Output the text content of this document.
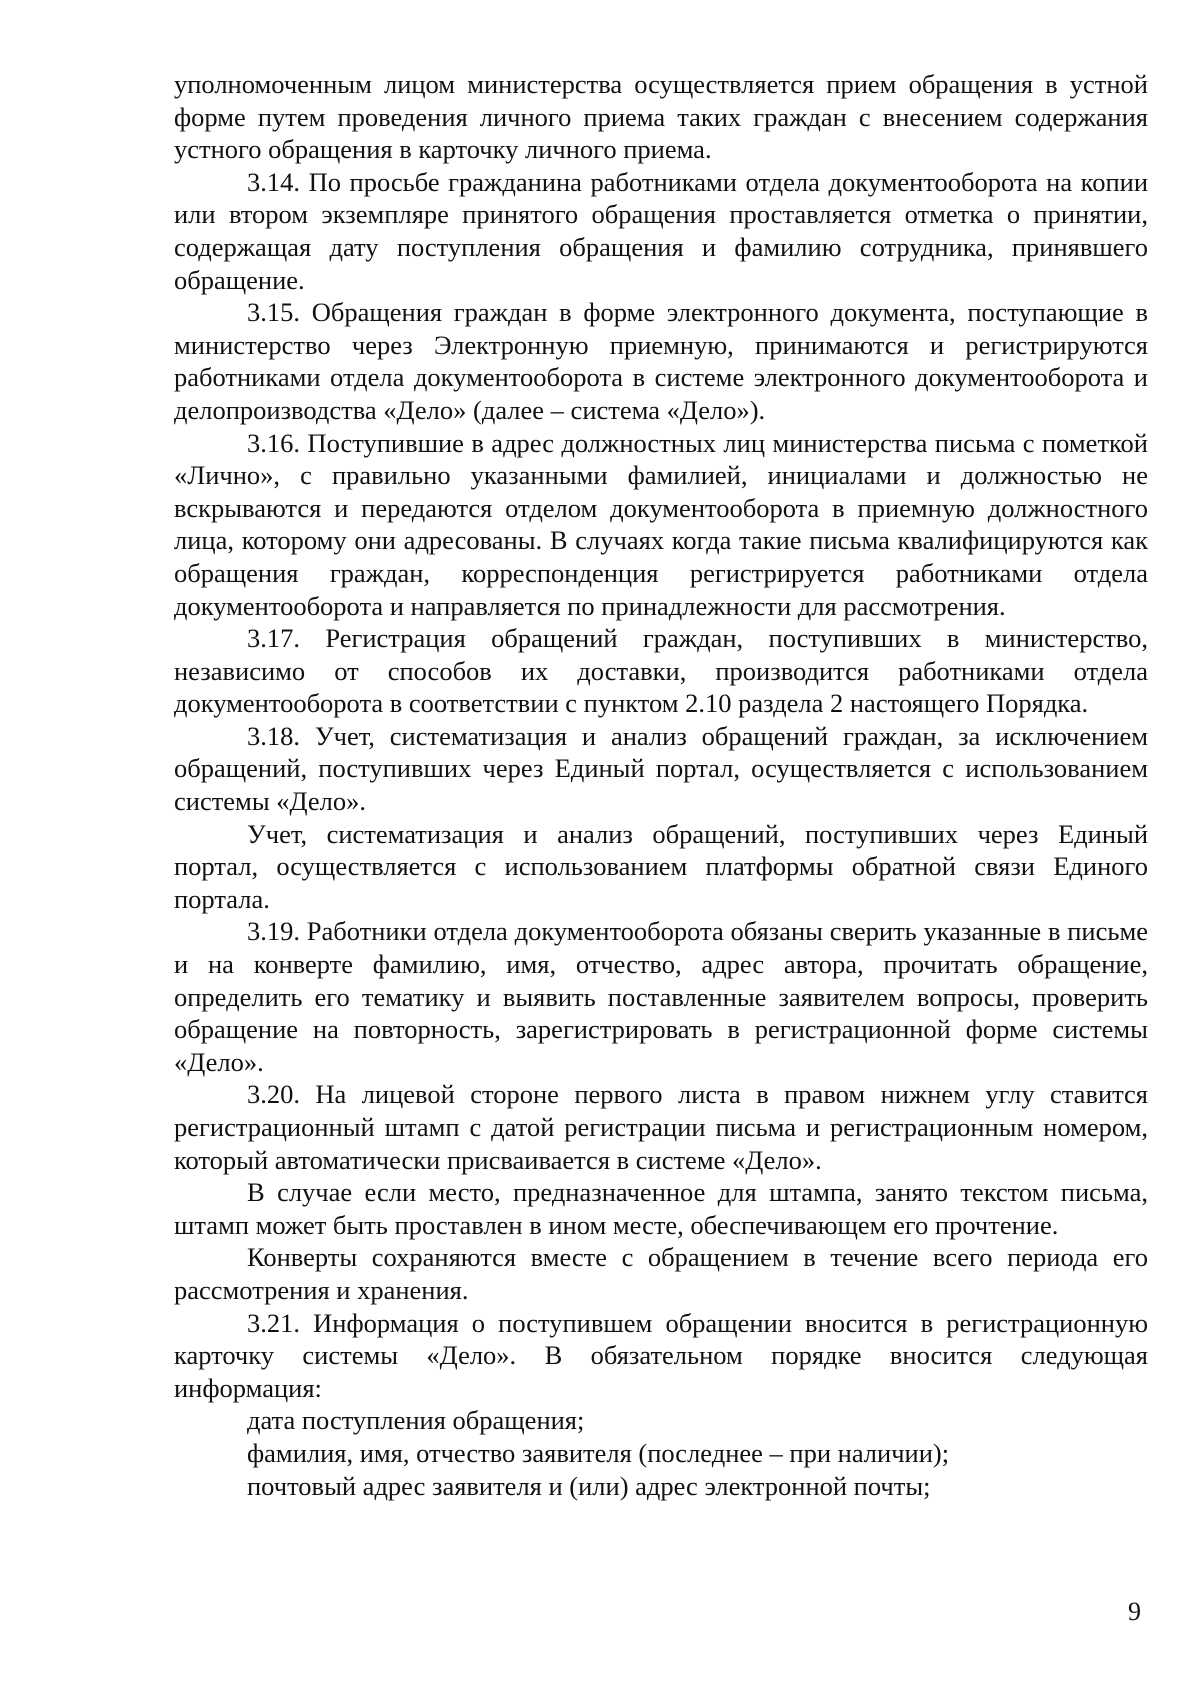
уполномоченным лицом министерства осуществляется прием обращения в устной форме путем проведения личного приема таких граждан с внесением содержания устного обращения в карточку личного приема.

3.14. По просьбе гражданина работниками отдела документооборота на копии или втором экземпляре принятого обращения проставляется отметка о принятии, содержащая дату поступления обращения и фамилию сотрудника, принявшего обращение.

3.15. Обращения граждан в форме электронного документа, поступающие в министерство через Электронную приемную, принимаются и регистрируются работниками отдела документооборота в системе электронного документооборота и делопроизводства «Дело» (далее – система «Дело»).

3.16. Поступившие в адрес должностных лиц министерства письма с пометкой «Лично», с правильно указанными фамилией, инициалами и должностью не вскрываются и передаются отделом документооборота в приемную должностного лица, которому они адресованы. В случаях когда такие письма квалифицируются как обращения граждан, корреспонденция регистрируется работниками отдела документооборота и направляется по принадлежности для рассмотрения.

3.17. Регистрация обращений граждан, поступивших в министерство, независимо от способов их доставки, производится работниками отдела документооборота в соответствии с пунктом 2.10 раздела 2 настоящего Порядка.

3.18. Учет, систематизация и анализ обращений граждан, за исключением обращений, поступивших через Единый портал, осуществляется с использованием системы «Дело».

Учет, систематизация и анализ обращений, поступивших через Единый портал, осуществляется с использованием платформы обратной связи Единого портала.

3.19. Работники отдела документооборота обязаны сверить указанные в письме и на конверте фамилию, имя, отчество, адрес автора, прочитать обращение, определить его тематику и выявить поставленные заявителем вопросы, проверить обращение на повторность, зарегистрировать в регистрационной форме системы «Дело».

3.20. На лицевой стороне первого листа в правом нижнем углу ставится регистрационный штамп с датой регистрации письма и регистрационным номером, который автоматически присваивается в системе «Дело».

В случае если место, предназначенное для штампа, занято текстом письма, штамп может быть проставлен в ином месте, обеспечивающем его прочтение.

Конверты сохраняются вместе с обращением в течение всего периода его рассмотрения и хранения.

3.21. Информация о поступившем обращении вносится в регистрационную карточку системы «Дело». В обязательном порядке вносится следующая информация:

дата поступления обращения;

фамилия, имя, отчество заявителя (последнее – при наличии);

почтовый адрес заявителя и (или) адрес электронной почты;

9
